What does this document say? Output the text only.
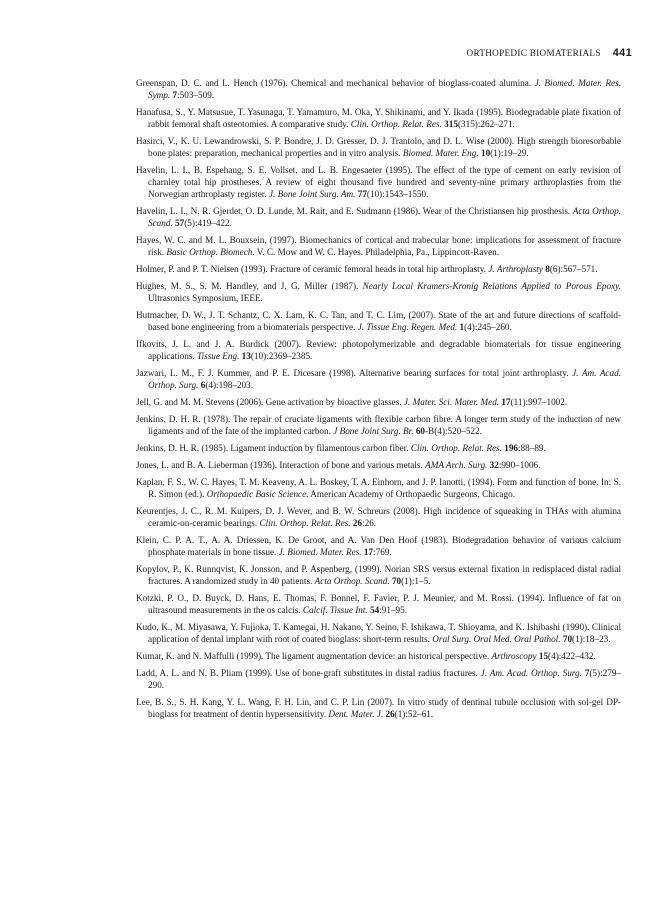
ORTHOPEDIC BIOMATERIALS 441

Greenspan, D. C. and L. Hench (1976). Chemical and mechanical behavior of bioglass-coated alumina. J. Biomed. Mater. Res. Symp. 7:503–509.

Hanafusa, S., Y. Matsusue, T. Yasunaga, T. Yamamuro, M. Oka, Y. Shikinami, and Y. Ikada (1995). Biodegradable plate fixation of rabbit femoral shaft osteotomies. A comparative study. Clin. Orthop. Relat. Res. 315(315):262–271.

Hasirci, V., K. U. Lewandrowski, S. P. Bondre, J. D. Gresser, D. J. Trantolo, and D. L. Wise (2000). High strength bioresorbable bone plates: preparation, mechanical properties and in vitro analysis. Biomed. Mater. Eng. 10(1):19–29.

Havelin, L. I., B. Espehaug, S. E. Vollset, and L. B. Engesaeter (1995). The effect of the type of cement on early revision of charnley total hip prostheses. A review of eight thousand five hundred and seventy-nine primary arthroplasties from the Norwegian arthroplasty register. J. Bone Joint Surg. Am. 77(10):1543–1550.

Havelin, L. I., N. R. Gjerdet, O. D. Lunde, M. Rait, and E. Sudmann (1986). Wear of the Christiansen hip prosthesis. Acta Orthop. Scand. 57(5):419–422.

Hayes, W. C. and M. L. Bouxsein, (1997). Biomechanics of cortical and trabecular bone: implications for assessment of fracture risk. Basic Orthop. Biomech. V. C. Mow and W. C. Hayes. Philadelphia, Pa., Lippincott-Raven.

Holmer, P. and P. T. Nielsen (1993). Fracture of ceramic femoral heads in total hip arthroplasty. J. Arthroplasty 8(6):567–571.

Hughes, M. S., S. M. Handley, and J. G. Miller (1987). Nearly Local Kramers-Kronig Relations Applied to Porous Epoxy. Ultrasonics Symposium, IEEE.

Hutmacher, D. W., J. T. Schantz, C. X. Lam, K. C. Tan, and T. C. Lim, (2007). State of the art and future directions of scaffold-based bone engineering from a biomaterials perspective. J. Tissue Eng. Regen. Med. 1(4):245–260.

Ifkovits, J. L. and J. A. Burdick (2007). Review: photopolymerizable and degradable biomaterials for tissue engineering applications. Tissue Eng. 13(10):2369–2385.

Jazwari, L. M., F. J. Kummer, and P. E. Dicesare (1998). Alternative bearing surfaces for total joint arthroplasty. J. Am. Acad. Orthop. Surg. 6(4):198–203.

Jell, G. and M. M. Stevens (2006). Gene activation by bioactive glasses. J. Mater. Sci. Mater. Med. 17(11):997–1002.

Jenkins, D. H. R. (1978). The repair of cruciate ligaments with flexible carbon fibre. A longer term study of the induction of new ligaments and of the fate of the implanted carbon. J Bone Joint Surg. Br. 60-B(4):520–522.

Jenkins, D. H. R. (1985). Ligament induction by filamentous carbon fiber. Clin. Orthop. Relat. Res. 196:88–89.

Jones, L. and B. A. Lieberman (1936). Interaction of bone and various metals. AMA Arch. Surg. 32:990–1006.

Kaplan, F. S., W. C. Hayes, T. M. Keaveny, A. L. Boskey, T. A. Einhorn, and J. P. Ianotti, (1994). Form and function of bone. In: S. R. Simon (ed.). Orthopaedic Basic Science. American Academy of Orthopaedic Surgeons, Chicago.

Keurentjes, J. C., R. M. Kuipers, D. J. Wever, and B. W. Schreurs (2008). High incidence of squeaking in THAs with alumina ceramic-on-ceramic bearings. Clin. Orthop. Relat. Res. 26:26.

Klein, C. P. A. T., A. A. Driessen, K. De Groot, and A. Van Den Hoof (1983). Biodegradation behavior of various calcium phosphate materials in bone tissue. J. Biomed. Mater. Res. 17:769.

Kopylov, P., K. Runnqvist, K. Jonsson, and P. Aspenberg, (1999). Norian SRS versus external fixation in redisplaced distal radial fractures. A randomized study in 40 patients. Acta Orthop. Scand. 70(1):1–5.

Kotzki, P. O., D. Buyck, D. Hans, E. Thomas, F. Bonnel, F. Favier, P. J. Meunier, and M. Rossi. (1994). Influence of fat on ultrasound measurements in the os calcis. Calcif. Tissue Int. 54:91–95.

Kudo, K., M. Miyasawa, Y. Fujioka, T. Kamegai, H. Nakano, Y. Seino, F. Ishikawa, T. Shioyama, and K. Ishibashi (1990). Clinical application of dental implant with root of coated bioglass: short-term results. Oral Surg. Oral Med. Oral Pathol. 70(1):18–23.

Kumar, K. and N. Maffulli (1999). The ligament augmentation device: an historical perspective. Arthroscopy 15(4):422–432.

Ladd, A. L. and N. B. Pliam (1999). Use of bone-graft substitutes in distal radius fractures. J. Am. Acad. Orthop. Surg. 7(5):279–290.

Lee, B. S., S. H. Kang, Y. L. Wang, F. H. Lin, and C. P. Lin (2007). In vitro study of dentinal tubule occlusion with sol-gel DP-bioglass for treatment of dentin hypersensitivity. Dent. Mater. J. 26(1):52–61.
